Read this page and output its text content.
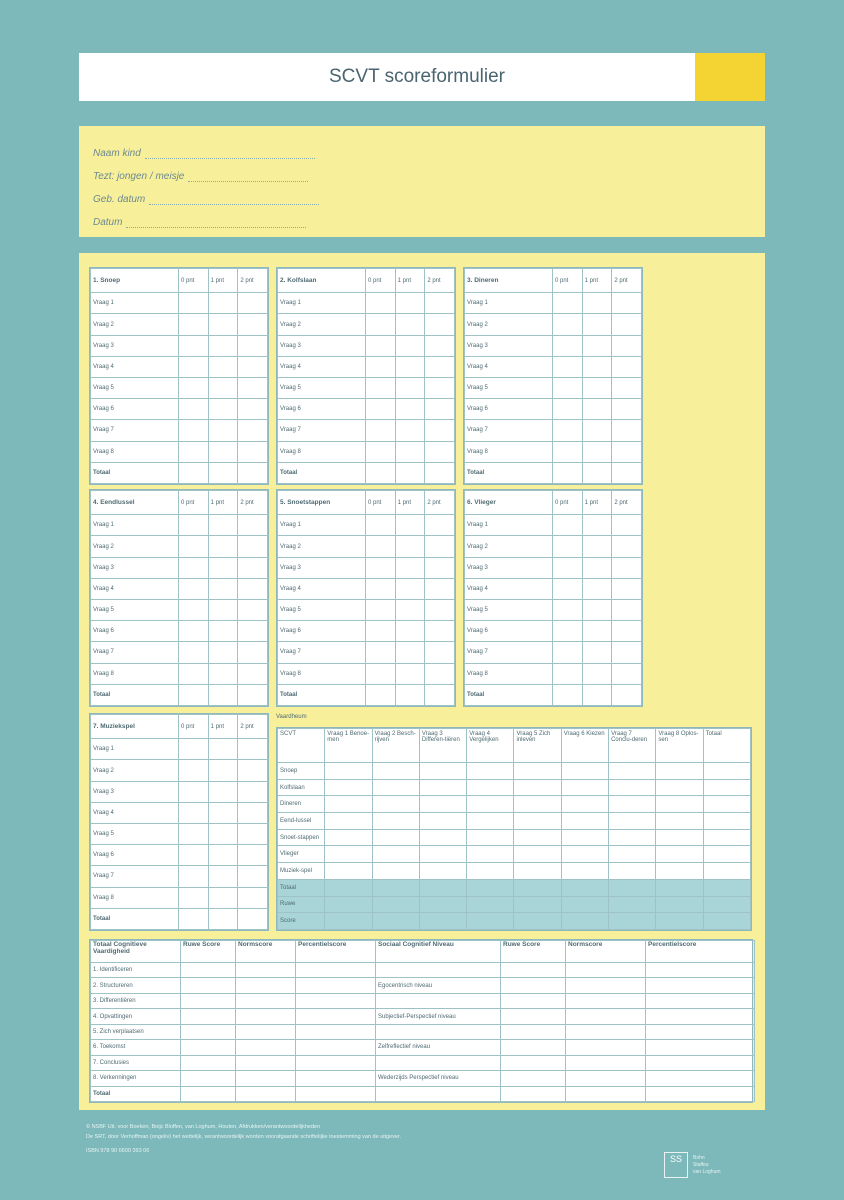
SCVT scoreformulier
Naam kind
Tezt: jongen / meisje
Geb. datum
Datum
1. Snoep	0 pnt	1 pnt	2 pnt
Vraag 1			
Vraag 2			
Vraag 3			
Vraag 4			
Vraag 5			
Vraag 6			
Vraag 7			
Vraag 8			
Totaal			
2. Kolfslaan	0 pnt	1 pnt	2 pnt
Vraag 1			
Vraag 2			
Vraag 3			
Vraag 4			
Vraag 5			
Vraag 6			
Vraag 7			
Vraag 8			
Totaal			
3. Dineren	0 pnt	1 pnt	2 pnt
Vraag 1			
Vraag 2			
Vraag 3			
Vraag 4			
Vraag 5			
Vraag 6			
Vraag 7			
Vraag 8			
Totaal			
4. Eendlussel	0 pnt	1 pnt	2 pnt
Vraag 1			
Vraag 2			
Vraag 3			
Vraag 4			
Vraag 5			
Vraag 6			
Vraag 7			
Vraag 8			
Totaal			
5. Snoetstappen	0 pnt	1 pnt	2 pnt
Vraag 1			
Vraag 2			
Vraag 3			
Vraag 4			
Vraag 5			
Vraag 6			
Vraag 7			
Vraag 8			
Totaal			
6. Vlieger	0 pnt	1 pnt	2 pnt
Vraag 1			
Vraag 2			
Vraag 3			
Vraag 4			
Vraag 5			
Vraag 6			
Vraag 7			
Vraag 8			
Totaal			
7. Muziekspel	0 pnt	1 pnt	2 pnt
Vraag 1			
Vraag 2			
Vraag 3			
Vraag 4			
Vraag 5			
Vraag 6			
Vraag 7			
Vraag 8			
Totaal			
Vaardheum
SCVT	Vraag 1 Benoe-men	Vraag 2 Besch-rijven	Vraag 3 Differen-tiëren	Vraag 4 Vergelijken	Vraag 5 Zich inleven	Vraag 6 Kiezen	Vraag 7 Conclu-deren	Vraag 8 Oplos-sen	Totaal
Snoep									
Kolfslaan									
Dineren									
Eend-lussel									
Snoet-stappen									
Vlieger									
Muziek-spel									
Totaal									
Ruwe									
Score									
Totaal Cognitieve Vaardigheid	Ruwe Score	Normscore	Percentielscore	Sociaal Cognitief Niveau	Ruwe Score	Normscore	Percentielscore
1. Identificeren							
2. Structureren				Egocentrisch niveau			
3. Differentiëren							
4. Opvattingen				Subjectief-Perspectief niveau			
5. Zich verplaatsen							
6. Toekomst				Zelfreflectief niveau			
7. Conclusies							
8. Verkenningen				Wederzijds Perspectief niveau			
Totaal							
© NSBF Uit. voor Boeken, Boijc Bloffen, van Loghum, Houten, Afdrukken/verantwoordelijkheden
De SRT, door Verhoffman (ongeliv) het wettelijk, verantwoordelijk worden voorafgaande schriftelijke toestemming van de uitgever.
ISBN 978 90 6600 393 06
SS	Bohn
Stafleu
van Loghum
